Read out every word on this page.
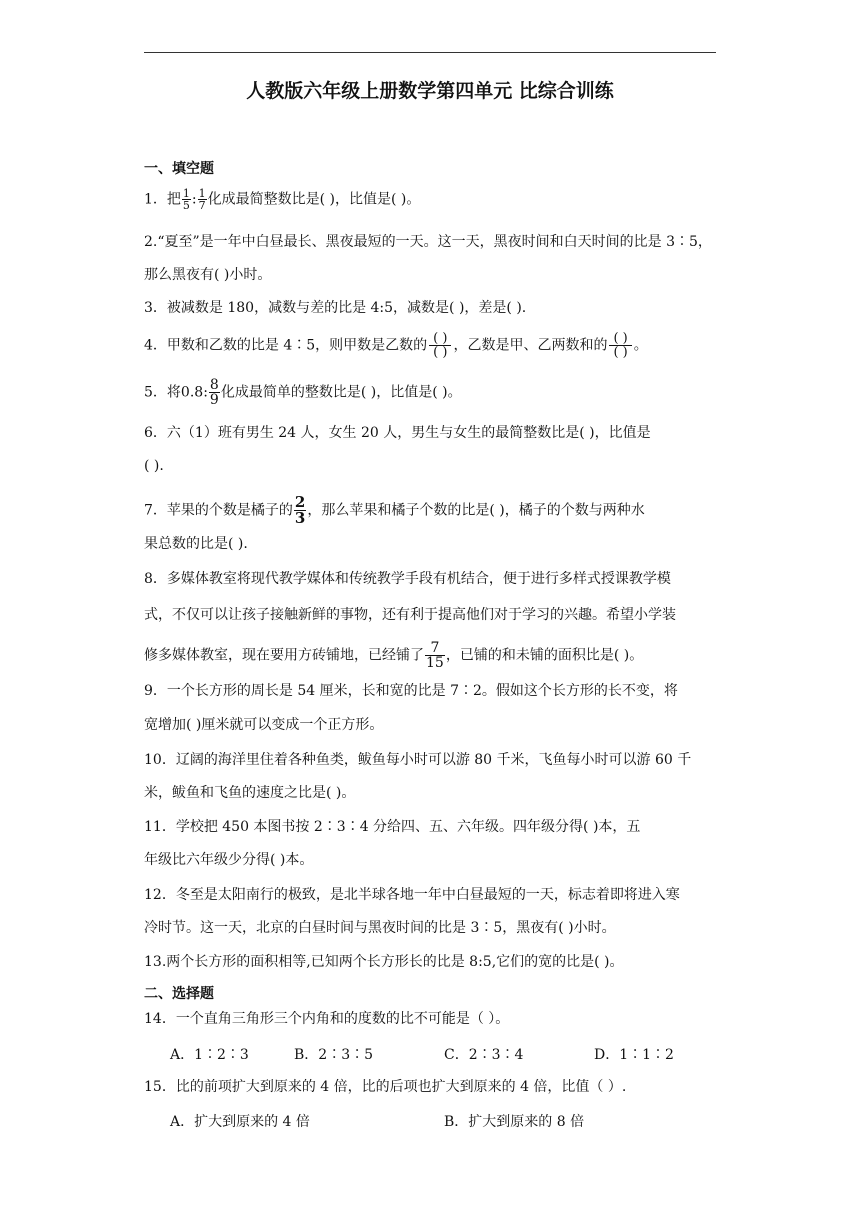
人教版六年级上册数学第四单元 比综合训练
一、填空题
1．把 $\frac{1}{5}$ : $\frac{1}{7}$ 化成最简整数比是( )，比值是( )。
2.“夏至”是一年中白昼最长、黑夜最短的一天。这一天，黑夜时间和白天时间的比是 3∶5，
那么黑夜有( )小时。
3．被减数是 180，减数与差的比是 4:5，减数是( )，差是( ).
4．甲数和乙数的比是 4∶5，则甲数是乙数的 ( )
( ) ，乙数是甲、乙两数和的 ( )
( ) 。
5．将0.8: $\frac{8}{9}$ 化成最简单的整数比是( )，比值是( )。
6．六（1）班有男生 24 人，女生 20 人，男生与女生的最简整数比是( )，比值是
( ).
7．苹果的个数是橘子的 $\frac{2}{3}$ ，那么苹果和橘子个数的比是( )，橘子的个数与两种水
果总数的比是( ).
8．多媒体教室将现代教学媒体和传统教学手段有机结合，便于进行多样式授课教学模
式，不仅可以让孩子接触新鲜的事物，还有利于提高他们对于学习的兴趣。希望小学装
修多媒体教室，现在要用方砖铺地，已经铺了 $\frac{7}{15}$ ，已铺的和未铺的面积比是( )。
9．一个长方形的周长是 54 厘米，长和宽的比是 7∶2。假如这个长方形的长不变，将
宽增加( )厘米就可以变成一个正方形。
10．辽阔的海洋里住着各种鱼类，鲅鱼每小时可以游 80 千米，飞鱼每小时可以游 60 千
米，鲅鱼和飞鱼的速度之比是( )。
11．学校把 450 本图书按 2∶3∶4 分给四、五、六年级。四年级分得( )本，五
年级比六年级少分得( )本。
12．冬至是太阳南行的极致，是北半球各地一年中白昼最短的一天，标志着即将进入寒
冷时节。这一天，北京的白昼时间与黑夜时间的比是 3∶5，黑夜有( )小时。
13.两个长方形的面积相等,已知两个长方形长的比是 8:5,它们的宽的比是( )。
二、选择题
14．一个直角三角形三个内角和的度数的比不可能是（ ）。
A．1∶2∶3	B．2∶3∶5	C．2∶3∶4	D．1∶1∶2
15．比的前项扩大到原来的 4 倍，比的后项也扩大到原来的 4 倍，比值（ ）.
A．扩大到原来的 4 倍	B．扩大到原来的 8 倍
